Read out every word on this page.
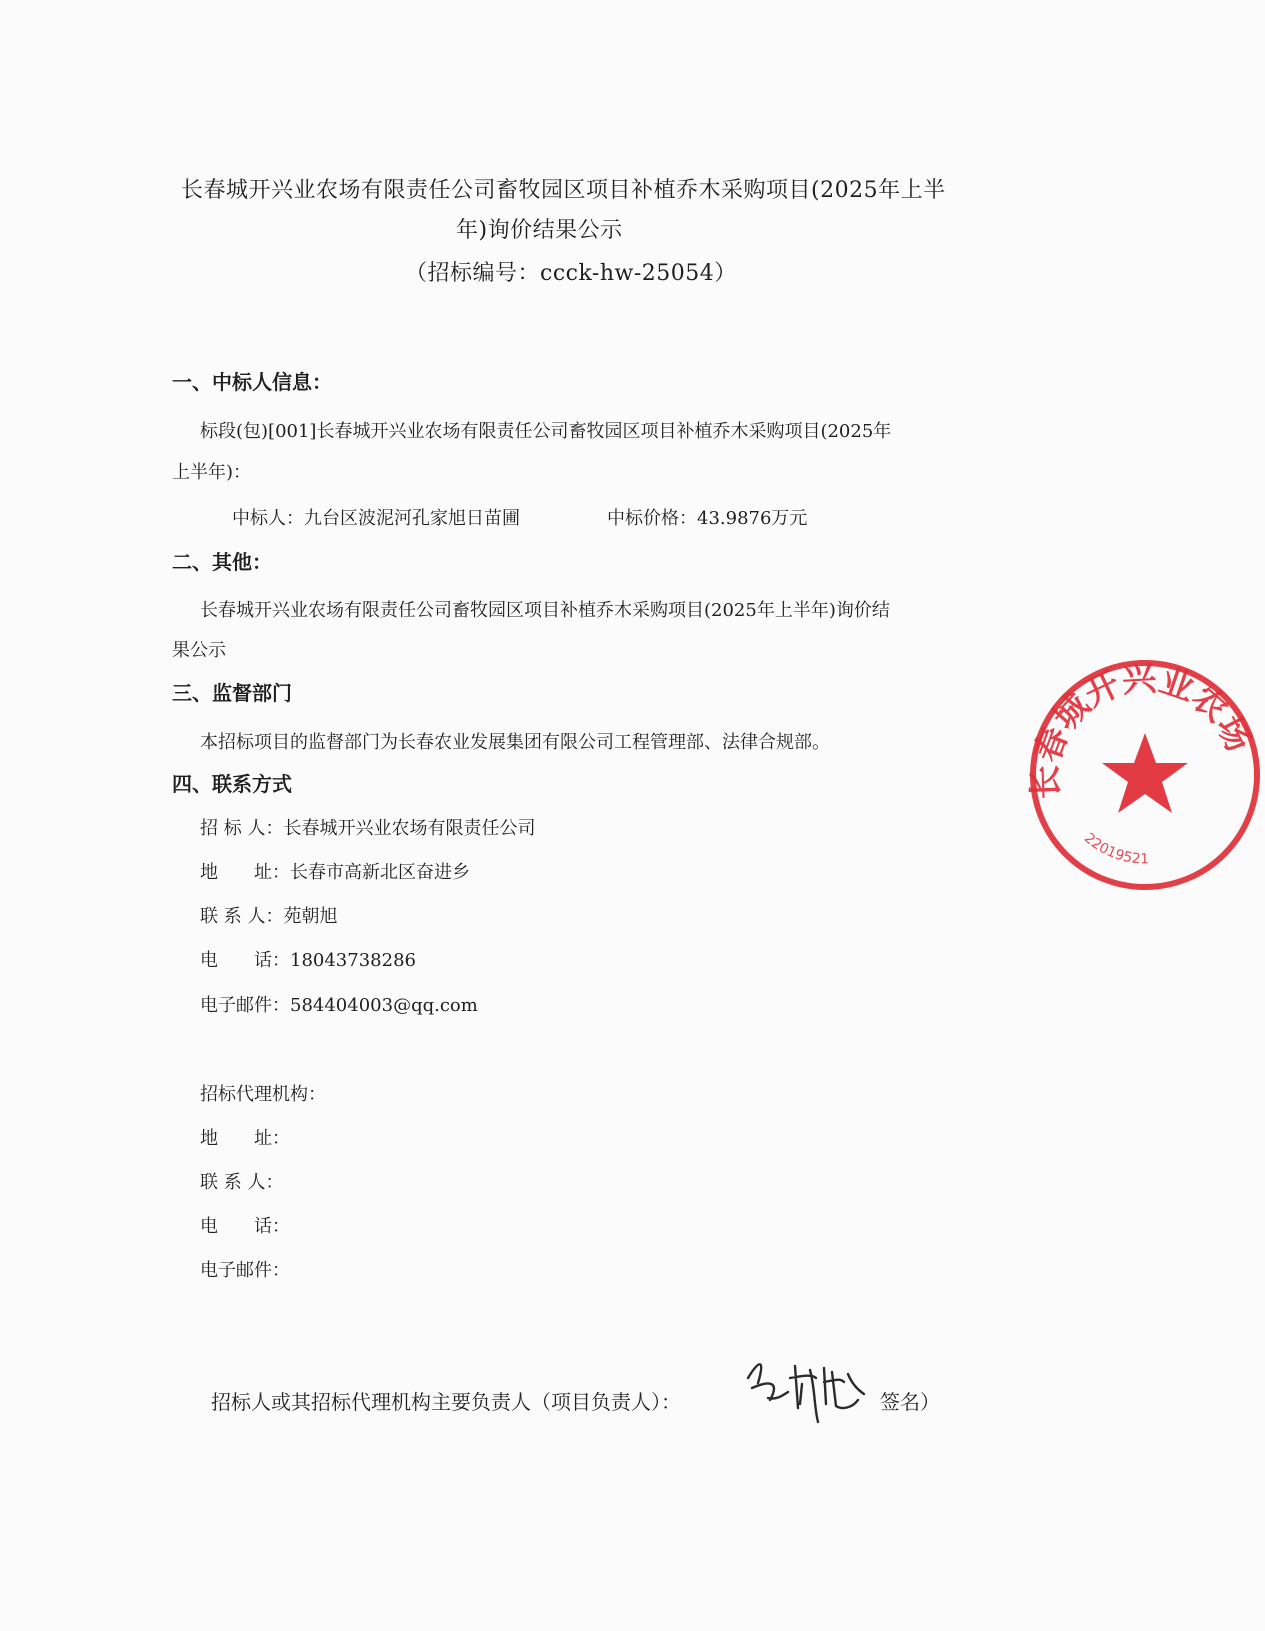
长春城开兴业农场有限责任公司畜牧园区项目补植乔木采购项目(2025年上半
年)询价结果公示
（招标编号：ccck-hw-25054）
一、中标人信息：
标段(包)[001]长春城开兴业农场有限责任公司畜牧园区项目补植乔木采购项目(2025年
上半年)：
中标人：九台区波泥河孔家旭日苗圃	中标价格：43.9876万元
二、其他：
长春城开兴业农场有限责任公司畜牧园区项目补植乔木采购项目(2025年上半年)询价结
果公示
三、监督部门
本招标项目的监督部门为长春农业发展集团有限公司工程管理部、法律合规部。
四、联系方式
招 标 人：长春城开兴业农场有限责任公司
地　　址：长春市高新北区奋进乡
联 系 人：苑朝旭
电　　话：18043738286
电子邮件：584404003@qq.com
招标代理机构：
地　　址：
联 系 人：
电　　话：
电子邮件：
招标人或其招标代理机构主要负责人（项目负责人）：	签名）
长春城开兴业农场
22019521
